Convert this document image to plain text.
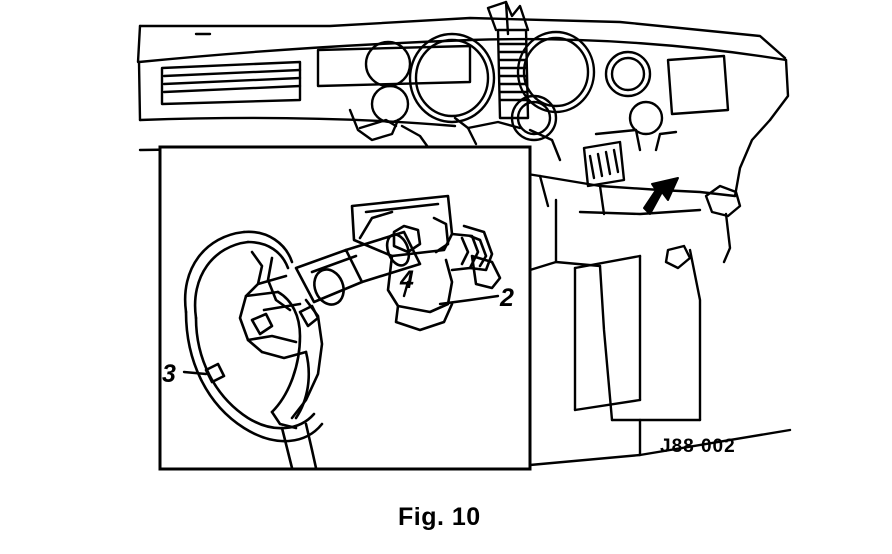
2
3
4
J88 002
Fig. 10
